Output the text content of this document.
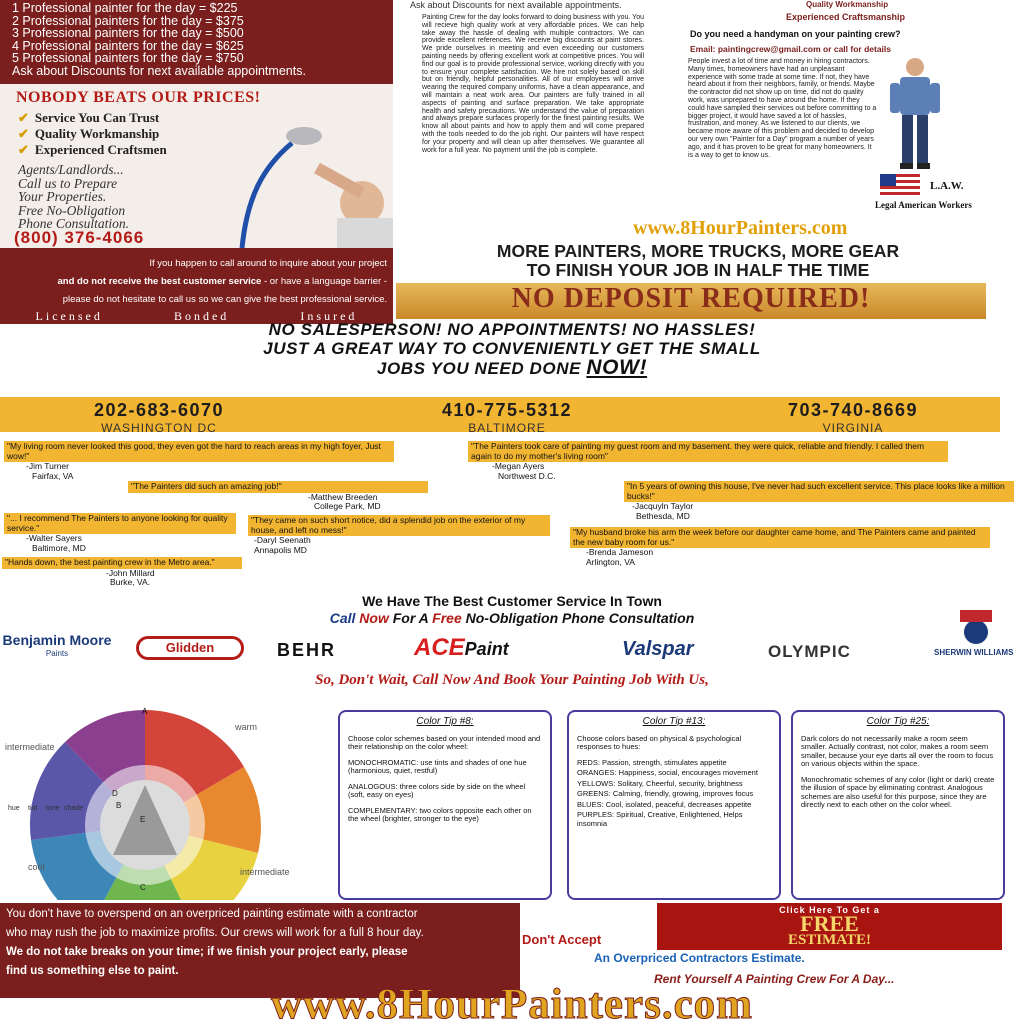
1 Professional painter for the day = $225
2 Professional painters for the day = $375
3 Professional painters for the day = $500
4 Professional painters for the day = $625
5 Professional painters for the day = $750
Ask about Discounts for next available appointments.
NOBODY BEATS OUR PRICES!
✔ Service You Can Trust
✔ Quality Workmanship
✔ Experienced Craftsmen
Agents/Landlords...
Call us to Prepare
Your Properties.
Free No-Obligation
Phone Consultation.
(800) 376-4066
If you happen to call around to inquire about your project
and do not receive the best customer service - or have a language barrier -
please do not hesitate to call us so we can give the best professional service.
Licensed	Bonded	Insured
Ask about Discounts for next available appointments.
Painting Crew for the day looks forward to doing business with you. You will recieve high quality work at very affordable prices. We can help take away the hassle of dealing with multiple contractors. We can provide excellent references. We receive big discounts at paint stores. We pride ourselves in meeting and even exceeding our customers painting needs by offering excellent work at competitive prices. You will find our goal is to provide professional service, working directly with you to ensure your complete satisfaction. We hire not solely based on skill but on friendly, helpful personalities. All of our employees will arrive wearing the required company uniforms, have a clean appearance, and will maintain a neat work area. Our painters are fully trained in all aspects of painting and surface preparation. We take appropriate health and safety precautions. We understand the value of preparation and always prepare surfaces properly for the finest painting results. We know all about paints and how to apply them and will come prepared with the tools needed to do the job right. Our painters will have respect for your property and will clean up after themselves. We guarantee all work for a full year. No payment until the job is complete.
Quality Workmanship
Experienced Craftsmanship
Do you need a handyman on your painting crew?
Email: paintingcrew@gmail.com or call for details
People invest a lot of time and money in hiring contractors. Many times, homeowners have had an unpleasant experience with some trade at some time. If not, they have heard about it from their neighbors, family, or friends. Maybe the contractor did not show up on time, did not do quality work, was unprepared to have around the home. If they could have sampled their services out before committing to a bigger project, it would have saved a lot of hassles, frustration, and money. As we listened to our clients, we became more aware of this problem and decided to develop our very own "Painter for a Day" program a number of years ago, and it has proven to be great for many homeowners. It is a way to get to know us.
L.A.W.
Legal American Workers
www.8HourPainters.com
MORE PAINTERS, MORE TRUCKS, MORE GEAR
TO FINISH YOUR JOB IN HALF THE TIME
NO DEPOSIT REQUIRED!
NO SALESPERSON! NO APPOINTMENTS! NO HASSLES!
JUST A GREAT WAY TO CONVENIENTLY GET THE SMALL
JOBS YOU NEED DONE NOW!
202-683-6070
WASHINGTON DC
410-775-5312
BALTIMORE
703-740-8669
VIRGINIA
"My living room never looked this good, they even got the hard to reach areas in my high foyer, Just wow!"
-Jim Turner
Fairfax, VA
"The Painters did such an amazing job!"
-Matthew Breeden
College Park, MD
"... I recommend The Painters to anyone looking for quality service."
-Walter Sayers
Baltimore, MD
"They came on such short notice, did a splendid job on the exterior of my house, and left no mess!"
-Daryl Seenath
Annapolis MD
"Hands down, the best painting crew in the Metro area."
-John Millard
Burke, VA.
"The Painters took care of painting my guest room and my basement. they were quick, reliable and friendly. I called them again to do my mother's living room"
-Megan Ayers
Northwest D.C.
"In 5 years of owning this house, I've never had such excellent service. This place looks like a million bucks!"
-Jacquyln Taylor
Bethesda, MD
"My husband broke his arm the week before our daughter came home, and The Painters came and painted the new baby room for us."
-Brenda Jameson
Arlington, VA
We Have The Best Customer Service In Town
Call Now For A Free No-Obligation Phone Consultation
Benjamin Moore
Paints	Glidden	BEHR	ACEPaint	Valspar	OLYMPIC	SHERWIN WILLIAMS
So, Don't Wait, Call Now And Book Your Painting Job With Us,
A
warm
cool
intermediate
intermediate
hue tint tone shade	B
C
D
E
Color Tip #8:

Choose color schemes based on your intended mood and their relationship on the color wheel:

MONOCHROMATIC: use tints and shades of one hue (harmonious, quiet, restful)

ANALOGOUS: three colors side by side on the wheel (soft, easy on eyes)

COMPLEMENTARY: two colors opposite each other on the wheel (brighter, stronger to the eye)

Color Tip #13:

Choose colors based on physical & psychological responses to hues:

REDS: Passion, strength, stimulates appetite

ORANGES: Happiness, social, encourages movement

YELLOWS: Solitary, Cheerful, security, brightness

GREENS: Calming, friendly, growing, improves focus

BLUES: Cool, isolated, peaceful, decreases appetite

PURPLES: Spiritual, Creative, Enlightened, Helps insomnia

Color Tip #25:

Dark colors do not necessarily make a room seem smaller. Actually contrast, not color, makes a room seem smaller, because your eye darts all over the room to focus on various objects within the space.

Monochromatic schemes of any color (light or dark) create the illusion of space by eliminating contrast. Analogous schemes are also useful for this purpose, since they are directly next to each other on the color wheel.

You don't have to overspend on an overpriced painting estimate with a contractor
who may rush the job to maximize profits. Our crews will work for a full 8 hour day.
We do not take breaks on your time; if we finish your project early, please
find us something else to paint.
Click Here To Get a
FREE
ESTIMATE!
Don't Accept
An Overpriced Contractors Estimate.
Rent Yourself A Painting Crew For A Day...
www.8HourPainters.com
